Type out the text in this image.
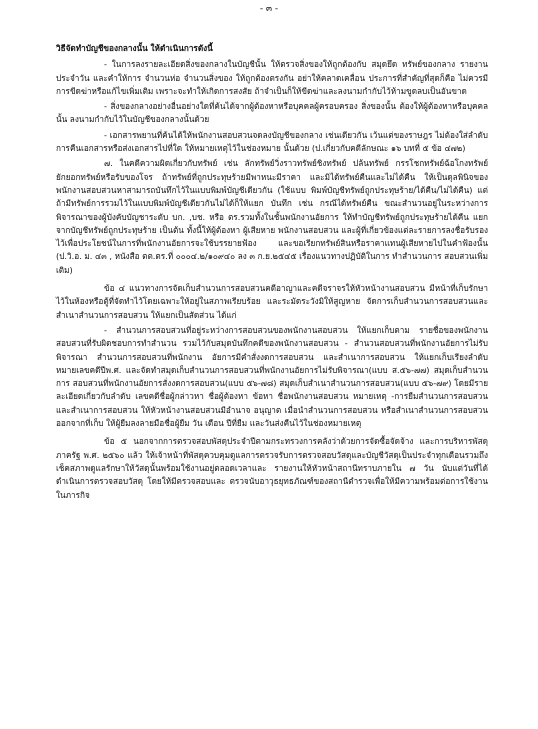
- ๓ -

วิธีจัดทำบัญชีของกลางนั้น ให้ดำเนินการดังนี้

- ในการลงรายละเอียดสิ่งของกลางในบัญชีนั้น ให้ตรวจสิ่งของให้ถูกต้องกับ สมุดยึด ทรัพย์ของกลาง รายงานประจำวัน และคำให้การ จำนวนห่อ จำนวนสิ่งของ ให้ถูกต้องตรงกัน อย่าให้คลาดเคลื่อน ประการที่สำคัญที่สุดก็คือ ไม่ควรมีการขีดฆ่าหรือแก้ไขเพิ่มเติม เพราะจะทำให้เกิดการสงสัย ถ้าจำเป็นก็ให้ขีดฆ่าและลงนามกำกับไว้ห้ามขูดลบเป็นอันขาด

- สิ่งของกลางอย่างอื่นอย่างใดที่ค้นได้จากผู้ต้องหาหรือบุคคลผู้ครอบครอง สิ่งของนั้น ต้องให้ผู้ต้องหาหรือบุคคลนั้น ลงนามกำกับไว้ในบัญชีของกลางนั้นด้วย

- เอกสารพยานที่ค้นได้ให้พนักงานสอบสวนจดลงบัญชีของกลาง เช่นเดียวกัน เว้นแต่ของราษฎร ไม่ต้องใส่ลำดับการคืนเอกสารหรือส่งเอกสารไปที่ใด ให้หมายเหตุไว้ในช่องหมาย นั้นด้วย (ป.เกี่ยวกับคดีลักษณะ ๑๖ บทที่ ๕ ข้อ ๔๗๒)

๗. ในคดีความผิดเกี่ยวกับทรัพย์ เช่น ลักทรัพย์วิ่งราวทรัพย์ชิงทรัพย์ ปล้นทรัพย์ กรรโชกทรัพย์ฉ้อโกงทรัพย์ยักยอกทรัพย์หรือรับของโจร ถ้าทรัพย์ที่ถูกประทุษร้ายมีพาหนะมีราคา และมิได้ทรัพย์คืนและไม่ได้คืน ให้เป็นดุลพินิจของพนักงานสอบสวนหาสามารถบันทึกไว้ในแบบพิมพ์บัญชีเดียวกัน (ใช้แบบ พิมพ์บัญชีทรัพย์ถูกประทุษร้าย/ได้คืน/ไม่ได้คืน) แต่ถ้ามีทรัพย์การรวมไว้ในแบบพิมพ์บัญชีเดียวกันไม่ได้ก็ให้แยก บันทึก เช่น กรณีได้ทรัพย์คืน ขณะสำนวนอยู่ในระหว่างการพิจารณาของผู้บังคับบัญชาระดับ บก. ,บช. หรือ ตร.รวมทั้งในชั้นพนักงานอัยการ ให้ทำบัญชีทรัพย์ถูกประทุษร้ายได้คืน แยกจากบัญชีทรัพย์ถูกประทุษร้าย เป็นต้น ทั้งนี้ให้ผู้ต้องหา ผู้เสียหาย พนักงานสอบสวน และผู้ที่เกี่ยวข้องแต่ละรายการลงชื่อรับรองไว้เพื่อประโยชน์ในการที่พนักงานอัยการจะใช้บรรยายฟ้อง และขอเรียกทรัพย์สินหรือราคาแทนผู้เสียหายไปในคำฟ้องนั้น (ป.วิ.อ. ม. ๔๓ , หนังสือ ตต.ตร.ที่ ๐๐๐๔.๒/๑๐๙๔๐ ลง ๓ ก.ย.๒๕๔๕ เรื่องแนวทางปฏิบัติในการ ทำสำนวนการ สอบสวนเพิ่มเติม)

ข้อ ๔ แนวทางการจัดเก็บสำนวนการสอบสวนคดีอาญาและคดีจราจรให้หัวหน้างานสอบสวน มีหน้าที่เก็บรักษาไว้ในห้องหรือตู้ที่จัดทำไว้โดยเฉพาะให้อยู่ในสภาพเรียบร้อย และระมัดระวังมิให้สูญหาย จัดการเก็บสำนวนการสอบสวนและสำเนาสำนวนการสอบสวน ให้แยกเป็นสัดส่วน ได้แก่

- สำนวนการสอบสวนที่อยู่ระหว่างการสอบสวนของพนักงานสอบสวน ให้แยกเก็บตาม รายชื่อของพนักงานสอบสวนที่รับผิดชอบการทำสำนวน รวมไว้กับสมุดบันทึกคดีของพนักงานสอบสวน - สำนวนสอบสวนที่พนักงานอัยการไม่รับพิจารณา สำนวนการสอบสวนที่พนักงาน อัยการมีคำสั่งงดการสอบสวน และสำเนาการสอบสวน ให้แยกเก็บเรียงลำดับหมายเลขคดีปีพ.ศ. และจัดทำสมุดเก็บสำนวนการสอบสวนที่พนักงานอัยการไม่รับพิจารณา(แบบ ส.๕๖-๗๗) สมุดเก็บสำนวนการ สอบสวนที่พนักงานอัยการสั่งงดการสอบสวน(แบบ ๕๖-๗๘) สมุดเก็บสำเนาสำนวนการสอบสวน(แบบ ๕๖-๗๙) โดยมีรายละเอียดเกี่ยวกับลำดับ เลขคดีชื่อผู้กล่าวหา ชื่อผู้ต้องหา ข้อหา ชื่อพนักงานสอบสวน หมายเหตุ -การยืมสำนวนการสอบสวน และสำเนาการสอบสวน ให้หัวหน้างานสอบสวนมีอำนาจ อนุญาต เมื่อนำสำนวนการสอบสวน หรือสำเนาสำนวนการสอบสวนออกจากที่เก็บ ให้ผู้ยืมลงลายมือชื่อผู้ยืม วัน เดือน ปีที่ยืม และวันส่งคืนไว้ในช่องหมายเหตุ

ข้อ ๕ นอกจากการตรวจสอบพัสดุประจำปีตามกระทรวงการคลังว่าด้วยการจัดซื้อจัดจ้าง และการบริหารพัสดุภาครัฐ พ.ศ. ๒๕๖๐ แล้ว ให้เจ้าหน้าที่พัสดุควบคุมดูแลการตรวจรับการตรวจสอบวัสดุและบัญชีวัสดุเป็นประจำทุกเดือนรวมถึงเช็คสภาพดูแลรักษาให้วัสดุนั้นพร้อมใช้งานอยู่ตลอดเวลาและ รายงานให้หัวหน้าสถานีทราบภายใน ๗ วัน นับแต่วันที่ได้ดำเนินการตรวจสอบวัสดุ โดยให้มีตรวจสอบและ ตรวจนับอาวุธยุทธภัณฑ์ของสถานีตำรวจเพื่อให้มีความพร้อมต่อการใช้งานในภารกิจ
